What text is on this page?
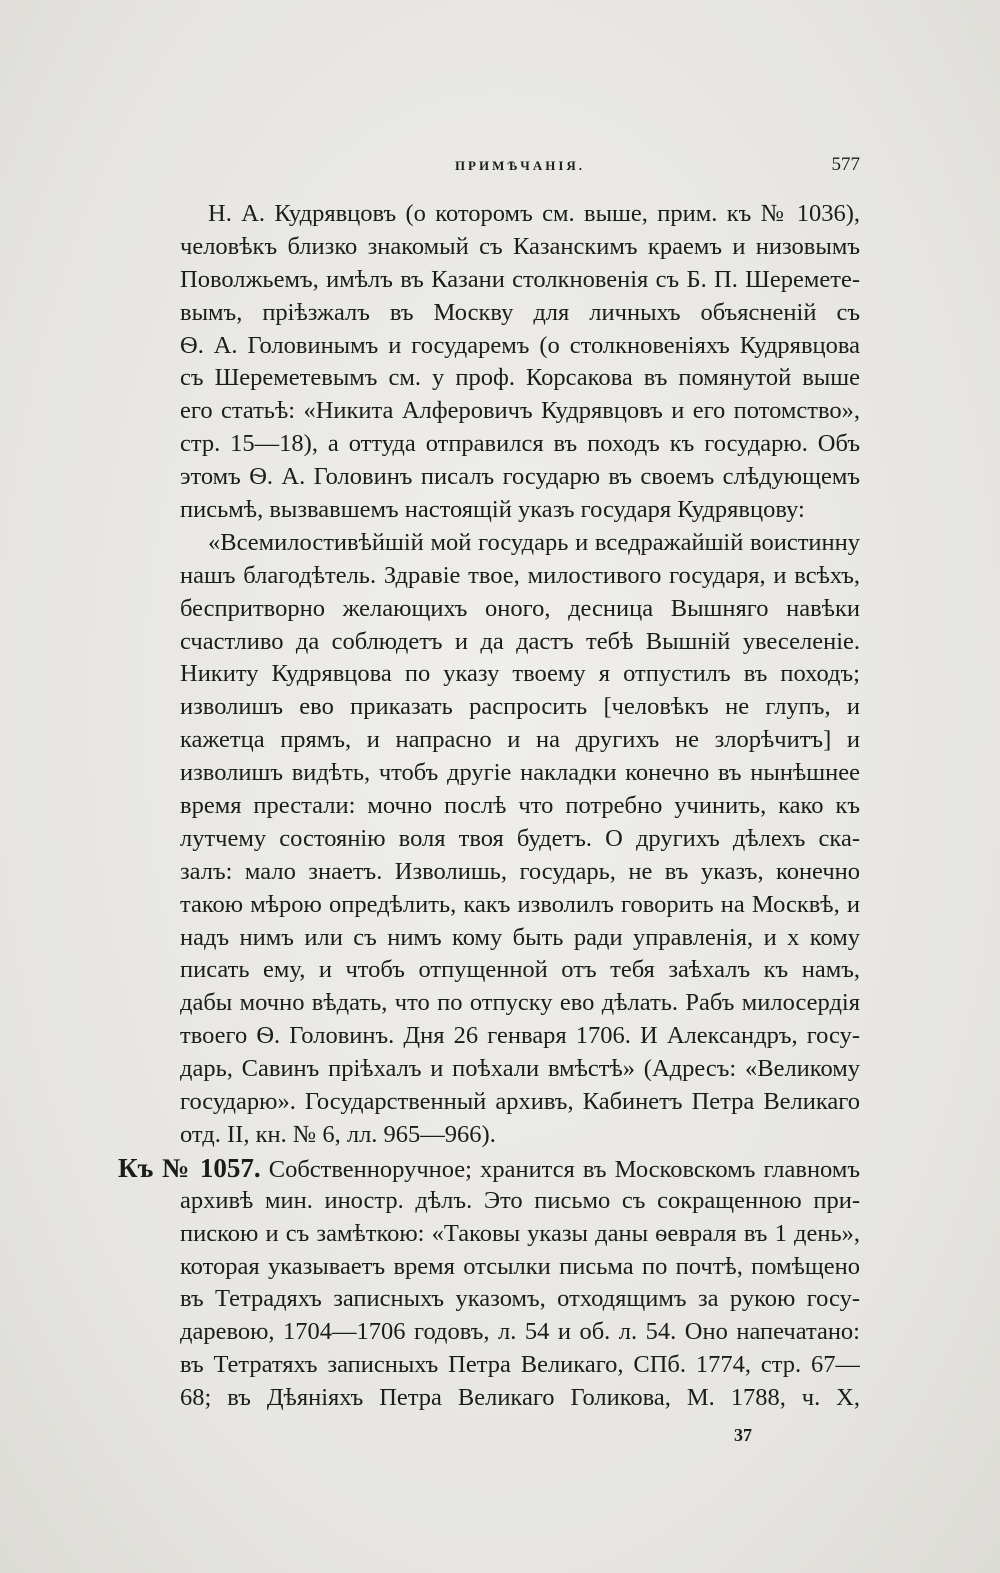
ПРИМѢЧАНІЯ.	577
Н. А. Кудрявцовъ (о которомъ см. выше, прим. къ № 1036),
человѣкъ близко знакомый съ Казанскимъ краемъ и низовымъ
Поволжьемъ, имѣлъ въ Казани столкновенія съ Б. П. Шереметe-
вымъ, пріѣзжалъ въ Москву для личныхъ объясненій съ
Ѳ. А. Головинымъ и государемъ (о столкновеніяхъ Кудрявцова
съ Шереметевымъ см. у проф. Корсакова въ помянутой выше
его статьѣ: «Никита Алферовичъ Кудрявцовъ и его потомство»,
стр. 15—18), а оттуда отправился въ походъ къ государю. Объ
этомъ Ѳ. А. Головинъ писалъ государю въ своемъ слѣдующемъ
письмѣ, вызвавшемъ настоящій указъ государя Кудрявцову:
«Всемилостивѣйшій мой государь и вседражайшій воистинну
нашъ благодѣтель. Здравіе твое, милостивого государя, и всѣхъ,
беспритворно желающихъ оного, десница Вышняго навѣки
счастливо да соблюдетъ и да дастъ тебѣ Вышній увеселеніе.
Никиту Кудрявцова по указу твоему я отпустилъ въ походъ;
изволишъ ево приказать распросить [человѣкъ не глупъ, и
кажетца прямъ, и напрасно и на другихъ не злорѣчитъ] и
изволишъ видѣть, чтобъ другіе накладки конечно въ нынѣшнее
время престали: мочно послѣ что потребно учинить, како къ
лутчему состоянію воля твоя будетъ. О другихъ дѣлехъ ска-
залъ: мало знаетъ. Изволишь, государь, не въ указъ, конечно
такою мѣрою опредѣлить, какъ изволилъ говорить на Москвѣ, и
надъ нимъ или съ нимъ кому быть ради управленія, и х кому
писать ему, и чтобъ отпущенной отъ тебя заѣхалъ къ намъ,
дабы мочно вѣдать, что по отпуску ево дѣлать. Рабъ милосердія
твоего Ѳ. Головинъ. Дня 26 генваря 1706. И Александръ, госу-
дарь, Савинъ пріѣхалъ и поѣхали вмѣстѣ» (Адресъ: «Великому
государю». Государственный архивъ, Кабинетъ Петра Великаго
отд. II, кн. № 6, лл. 965—966).
Къ № 1057. Собственноручное; хранится въ Московскомъ главномъ
архивѣ мин. иностр. дѣлъ. Это письмо съ сокращенною при-
пискою и съ замѣткою: «Таковы указы даны ѳевраля въ 1 день»,
которая указываетъ время отсылки письма по почтѣ, помѣщено
въ Тетрадяхъ записныхъ указомъ, отходящимъ за рукою госу-
даревою, 1704—1706 годовъ, л. 54 и об. л. 54. Оно напечатано:
въ Тетратяхъ записныхъ Петра Великаго, СПб. 1774, стр. 67—
68; въ Дѣяніяхъ Петра Великаго Голикова, М. 1788, ч. X,
37
